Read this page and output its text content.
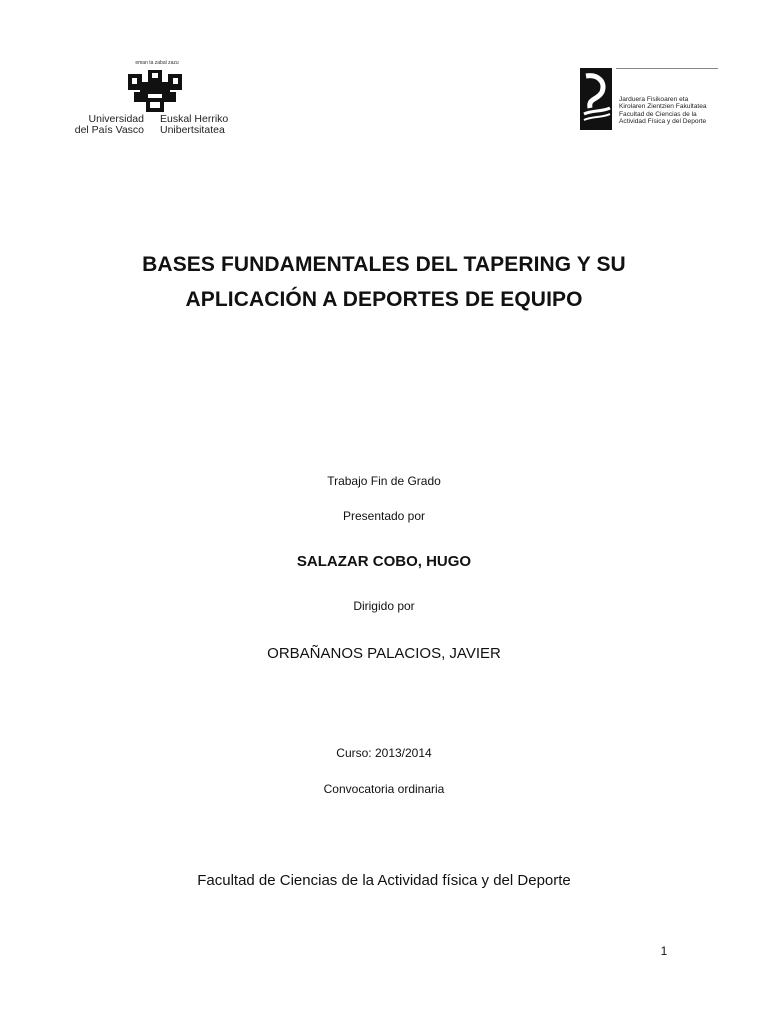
eman ta zabal zazu
Universidad
del País Vasco
Euskal Herriko
Unibertsitatea
Jarduera Fisikoaren eta
Kirolaren Zientzien Fakultatea
Facultad de Ciencias de la
Actividad Física y del Deporte
BASES FUNDAMENTALES DEL TAPERING Y SU
APLICACIÓN A DEPORTES DE EQUIPO
Trabajo Fin de Grado
Presentado por
SALAZAR COBO, HUGO
Dirigido por
ORBAÑANOS PALACIOS, JAVIER
Curso: 2013/2014
Convocatoria ordinaria
Facultad de Ciencias de la Actividad física y del Deporte
1
